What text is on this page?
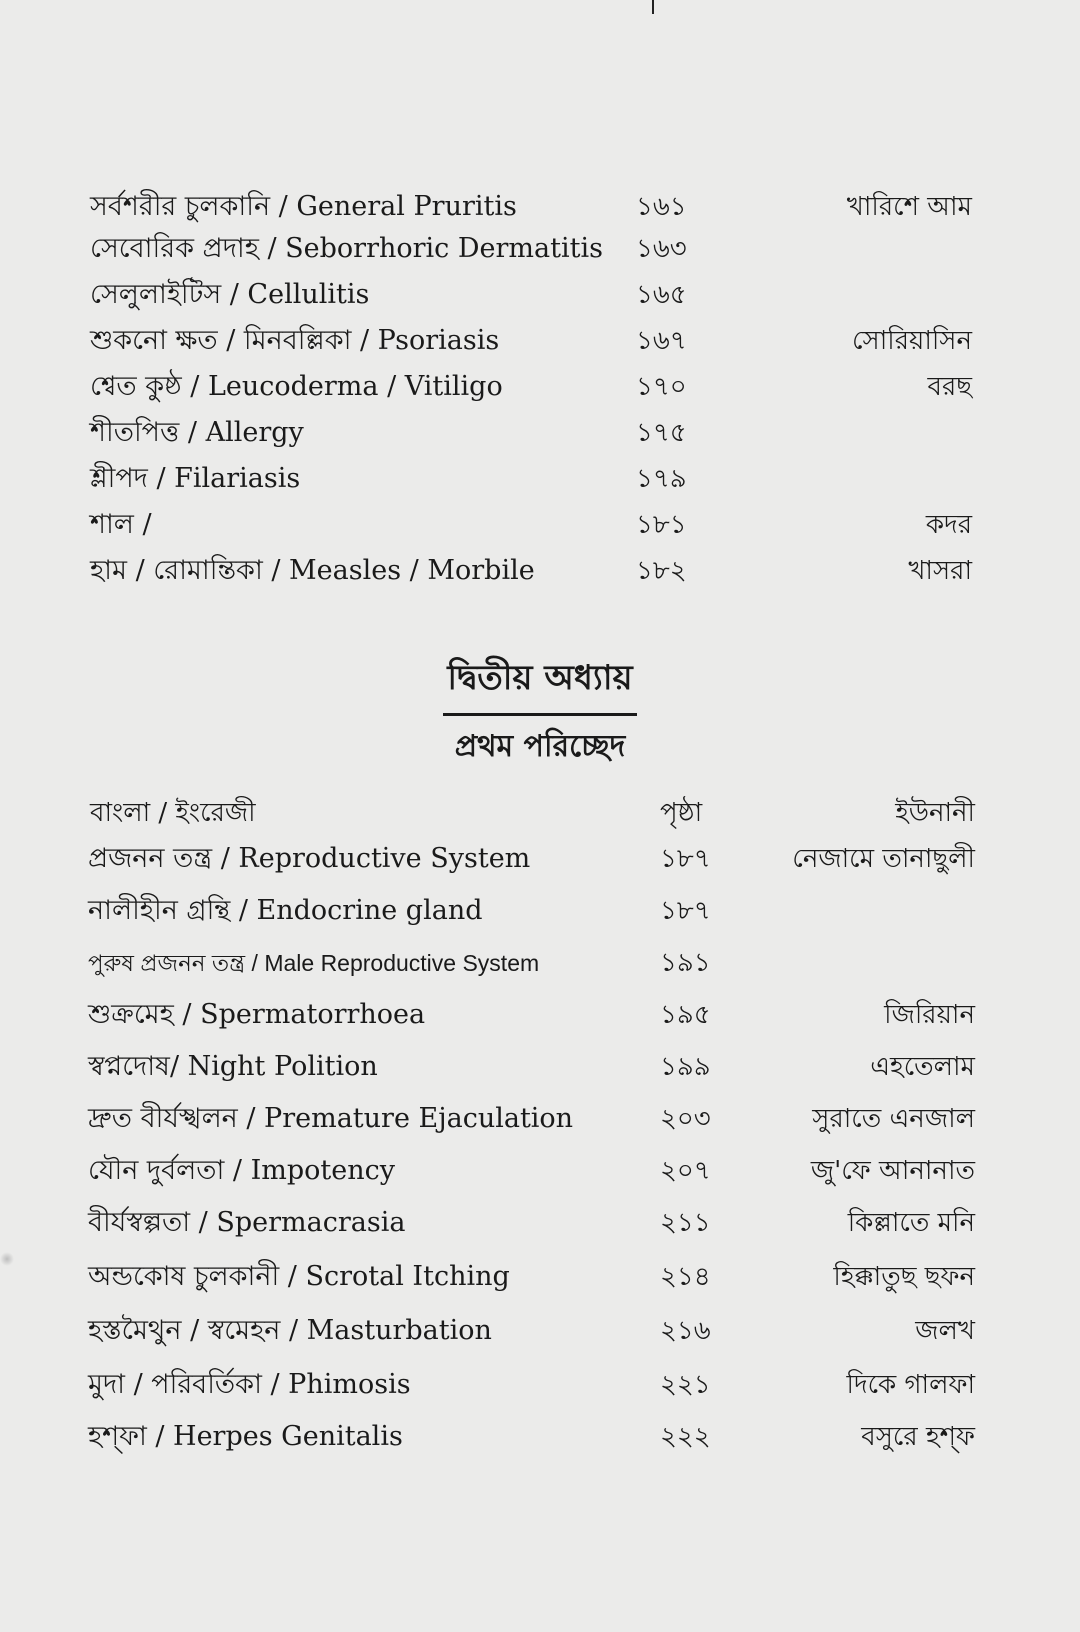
সর্বশরীর চুলকানি / General Pruritis	১৬১	খারিশে আম
সেবোরিক প্রদাহ / Seborrhoric Dermatitis ১৬৩
সেলুলাইটিস / Cellulitis	১৬৫
শুকনো ক্ষত / মিনবল্লিকা / Psoriasis	১৬৭	সোরিয়াসিন
শ্বেত কুষ্ঠ / Leucoderma / Vitiligo	১৭০	বরছ
শীতপিত্ত / Allergy	১৭৫
শ্লীপদ / Filariasis	১৭৯
শাল /	১৮১	কদর
হাম / রোমান্তিকা / Measles / Morbile	১৮২	খাসরা
দ্বিতীয় অধ্যায়
প্রথম পরিচ্ছেদ
বাংলা / ইংরেজী	পৃষ্ঠা	ইউনানী
প্রজনন তন্ত্র / Reproductive System	১৮৭	নেজামে তানাছুলী
নালীহীন গ্রন্থি / Endocrine gland	১৮৭
পুরুষ প্রজনন তন্ত্র / Male Reproductive System	১৯১
শুক্রমেহ / Spermatorrhoea	১৯৫	জিরিয়ান
স্বপ্নদোষ/ Night Polition	১৯৯	এহতেলাম
দ্রুত বীর্যস্খলন / Premature Ejaculation	২০৩	সুরাতে এনজাল
যৌন দুর্বলতা / Impotency	২০৭	জু'ফে আনানাত
বীর্যস্বল্পতা / Spermacrasia	২১১	কিল্লাতে মনি
অন্ডকোষ চুলকানী / Scrotal Itching	২১৪	হিক্কাতুছ ছফন
হস্তমৈথুন / স্বমেহন / Masturbation	২১৬	জলখ
মুদা / পরিবর্তিকা / Phimosis	২২১	দিকে গালফা
হশ্ফা / Herpes Genitalis	২২২	বসুরে হশ্ফ
